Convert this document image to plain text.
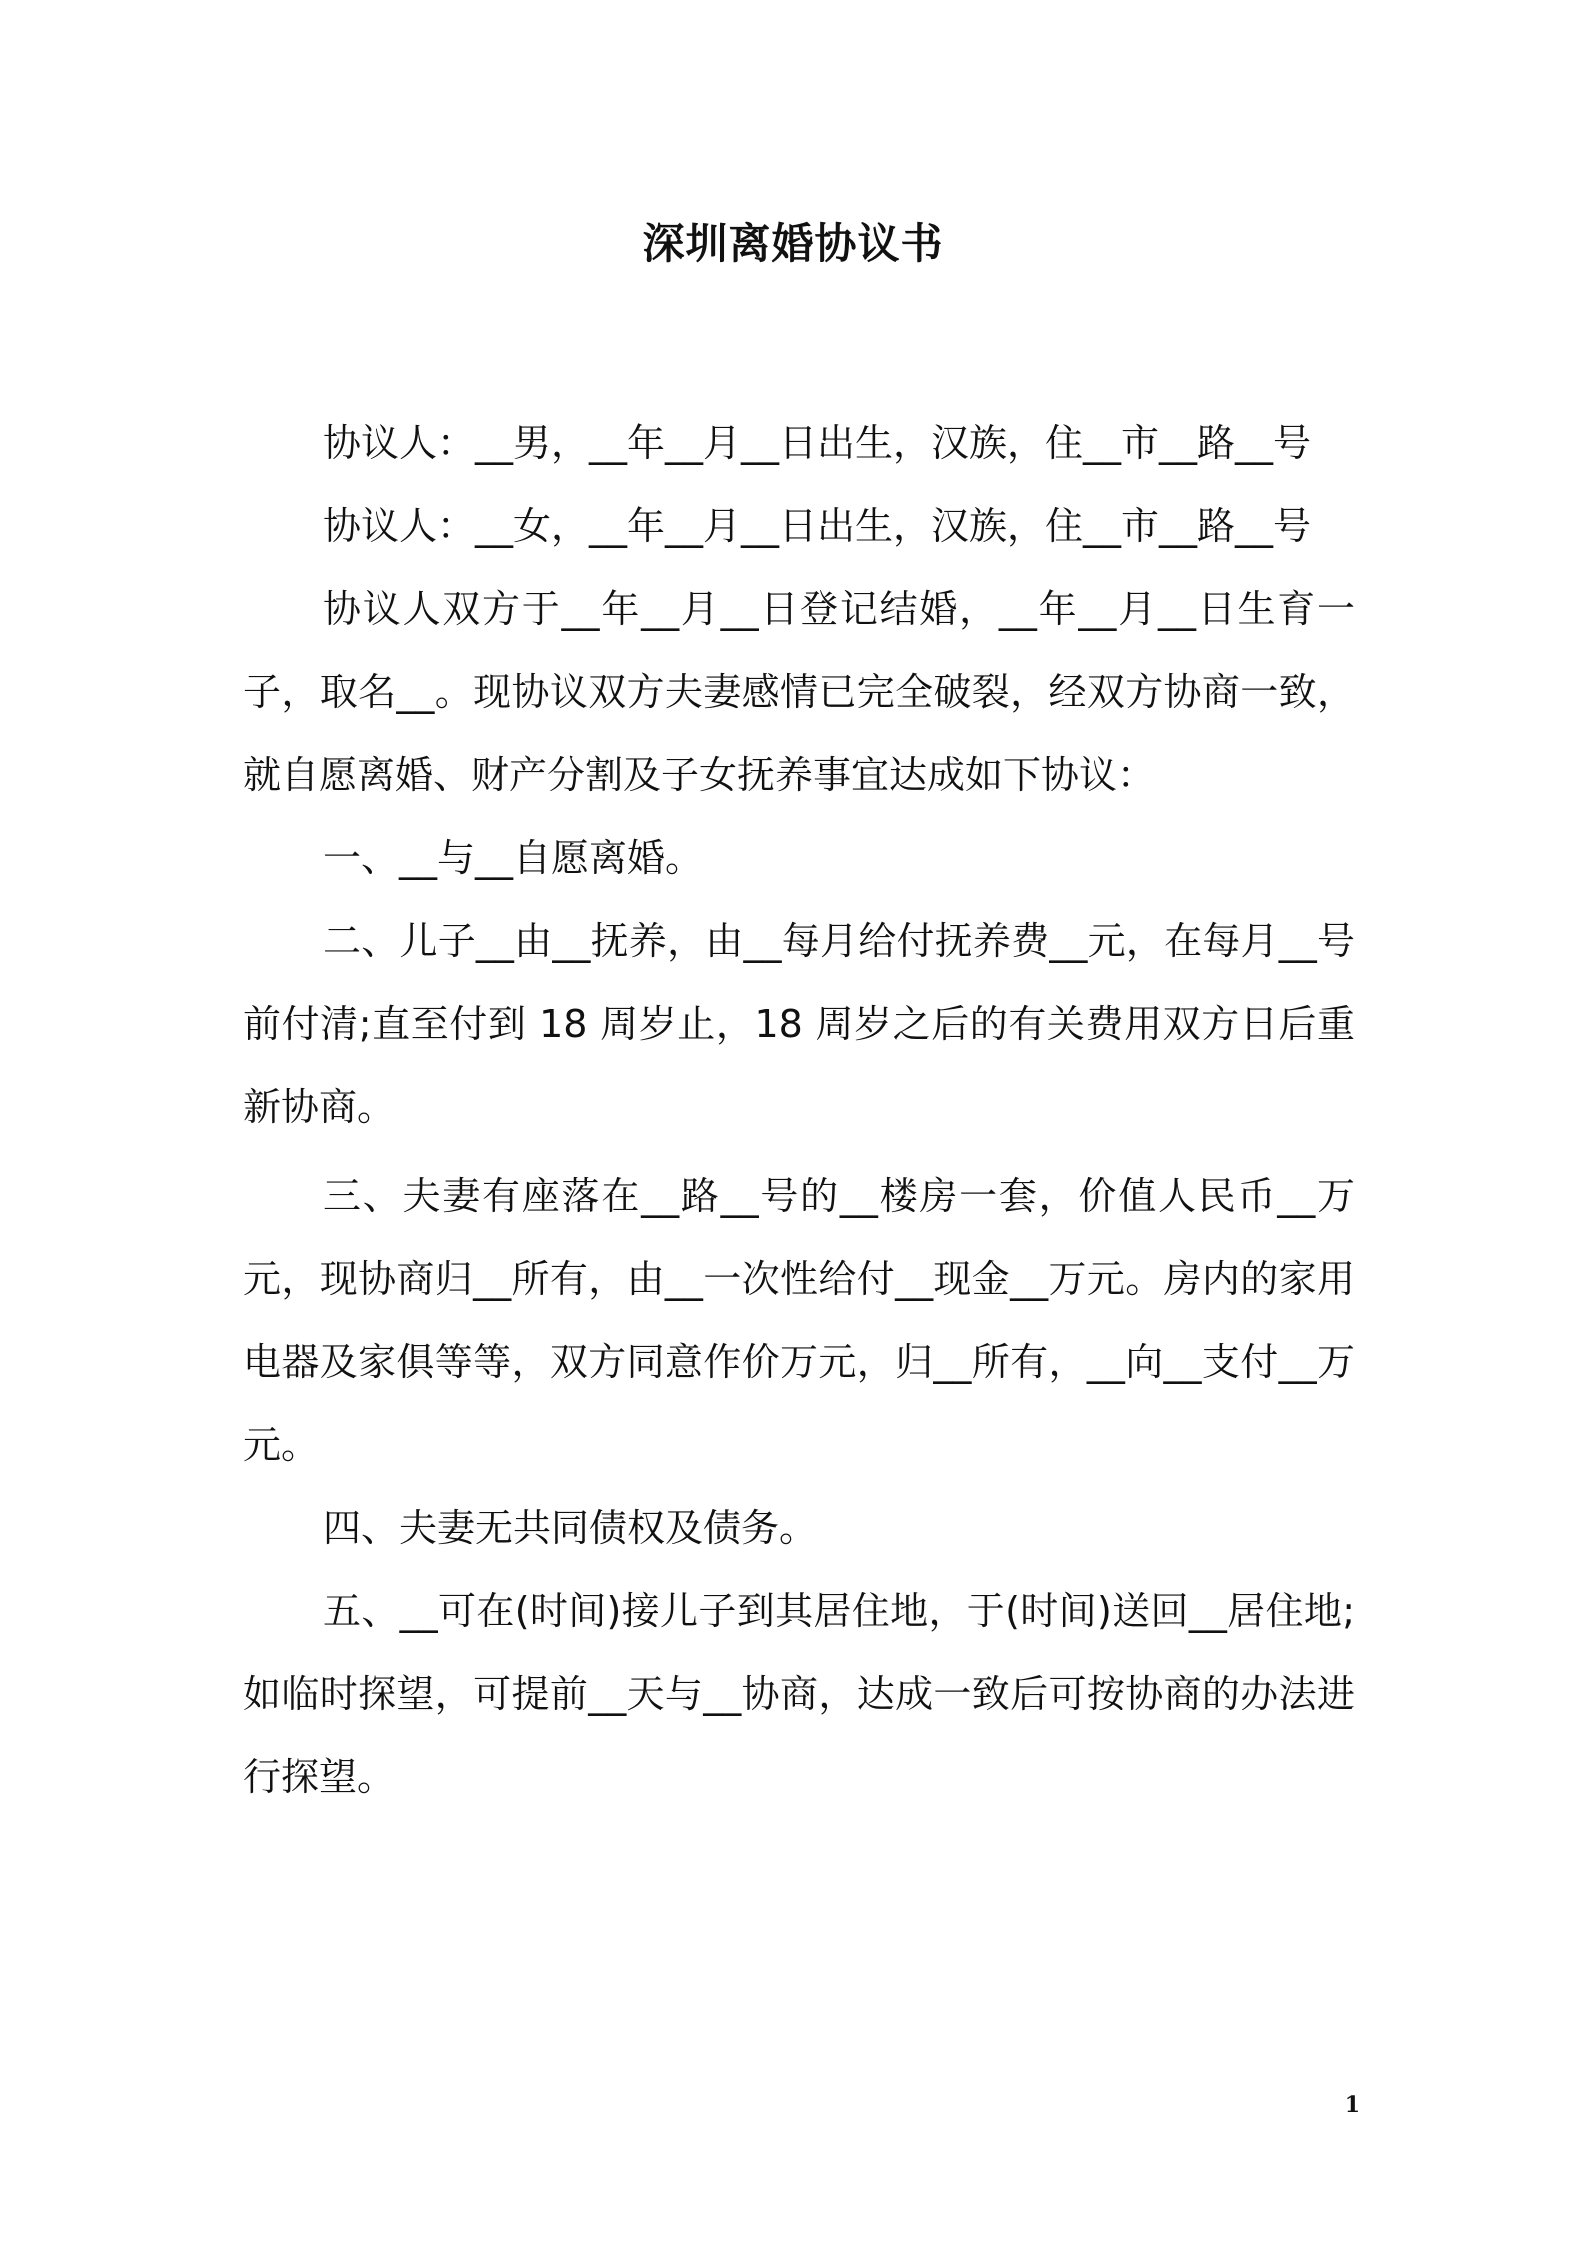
深圳离婚协议书

协议人：__男，__年__月__日出生，汉族，住__市__路__号

协议人：__女，__年__月__日出生，汉族，住__市__路__号

协议人双方于__年__月__日登记结婚，__年__月__日生育一子，取名__。现协议双方夫妻感情已完全破裂，经双方协商一致，就自愿离婚、财产分割及子女抚养事宜达成如下协议：

一、__与__自愿离婚。

二、儿子__由__抚养，由__每月给付抚养费__元，在每月__号前付清;直至付到 18 周岁止，18 周岁之后的有关费用双方日后重新协商。

三、夫妻有座落在__路__号的__楼房一套，价值人民币__万元，现协商归__所有，由__一次性给付__现金__万元。房内的家用电器及家俱等等，双方同意作价万元，归__所有，__向__支付__万元。

四、夫妻无共同债权及债务。

五、__可在(时间)接儿子到其居住地，于(时间)送回__居住地;如临时探望，可提前__天与__协商，达成一致后可按协商的办法进行探望。

1
